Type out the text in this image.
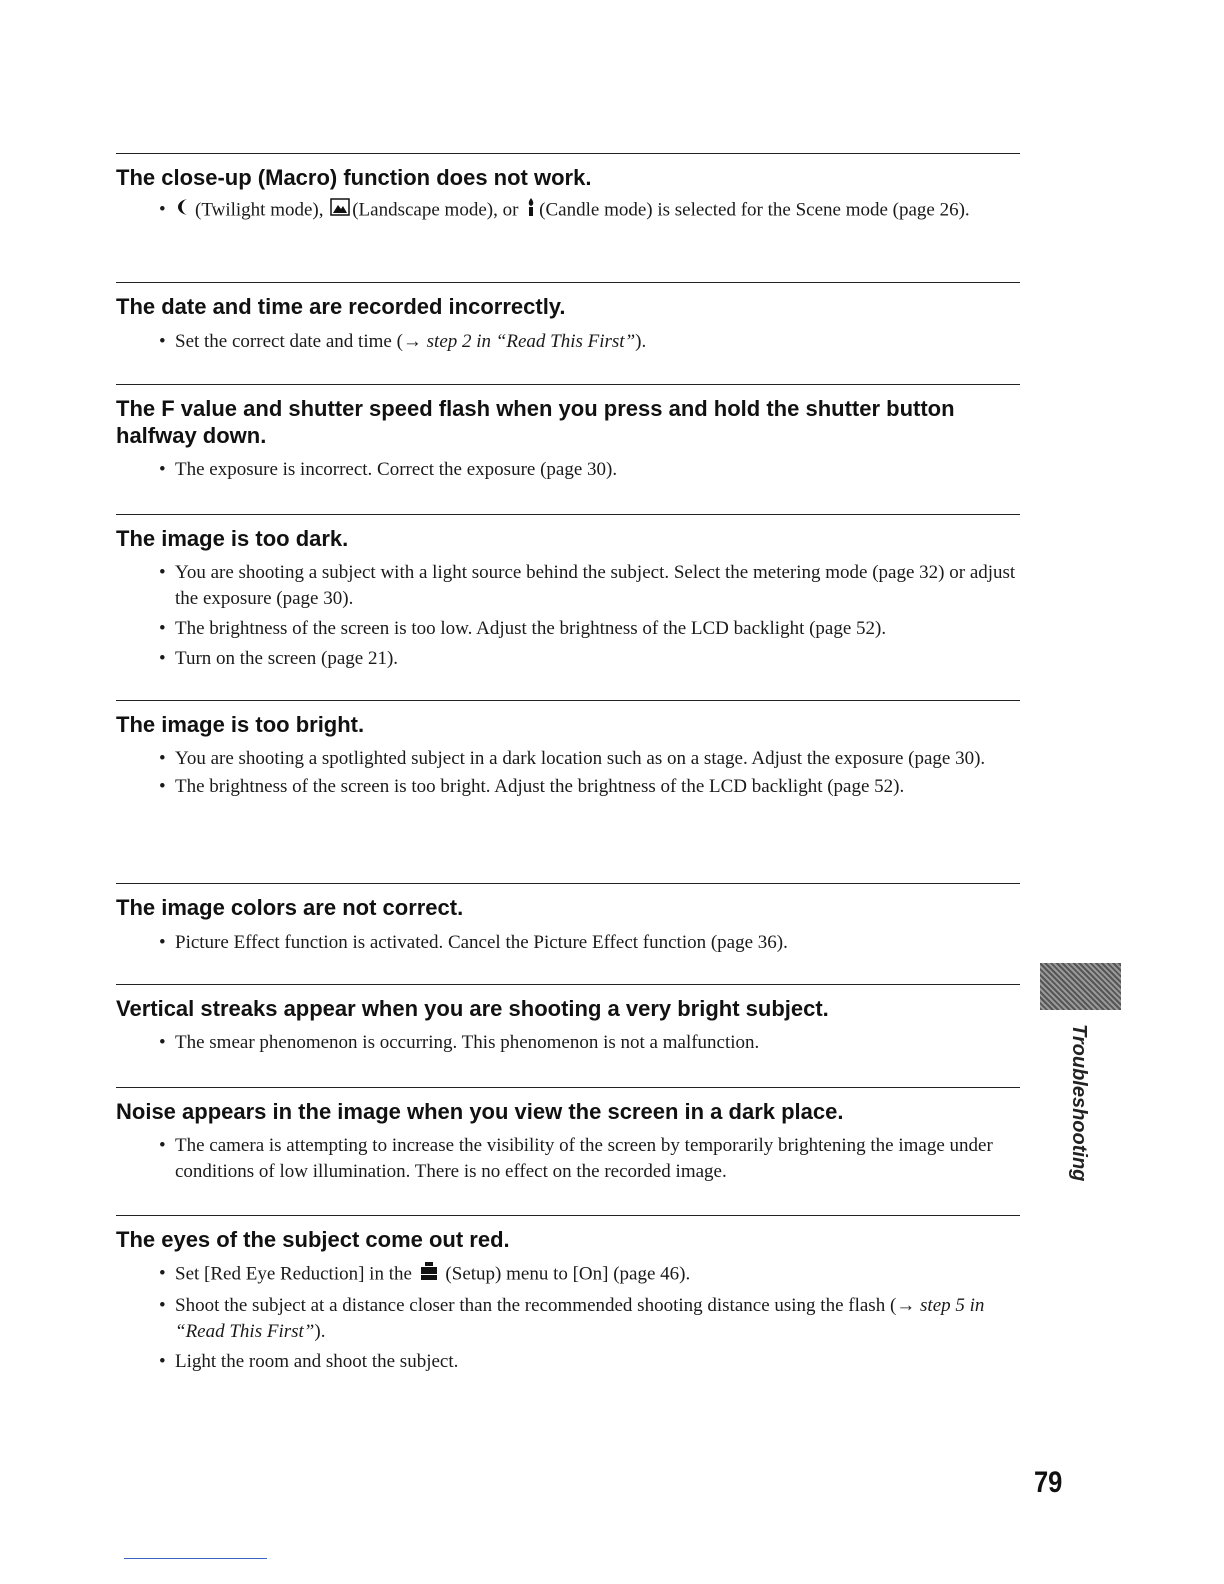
The close-up (Macro) function does not work.
• (Twilight mode), (Landscape mode), or (Candle mode) is selected for the Scene mode (page 26).
The date and time are recorded incorrectly.
• Set the correct date and time (→ step 2 in “Read This First”).
The F value and shutter speed flash when you press and hold the shutter button halfway down.
• The exposure is incorrect. Correct the exposure (page 30).
The image is too dark.
• You are shooting a subject with a light source behind the subject. Select the metering mode (page 32) or adjust the exposure (page 30).
• The brightness of the screen is too low. Adjust the brightness of the LCD backlight (page 52).
• Turn on the screen (page 21).
The image is too bright.
• You are shooting a spotlighted subject in a dark location such as on a stage. Adjust the exposure (page 30).
• The brightness of the screen is too bright. Adjust the brightness of the LCD backlight (page 52).
The image colors are not correct.
• Picture Effect function is activated. Cancel the Picture Effect function (page 36).
Vertical streaks appear when you are shooting a very bright subject.
• The smear phenomenon is occurring. This phenomenon is not a malfunction.
Noise appears in the image when you view the screen in a dark place.
• The camera is attempting to increase the visibility of the screen by temporarily brightening the image under conditions of low illumination. There is no effect on the recorded image.
The eyes of the subject come out red.
• Set [Red Eye Reduction] in the  (Setup) menu to [On] (page 46).
• Shoot the subject at a distance closer than the recommended shooting distance using the flash (→ step 5 in “Read This First”).
• Light the room and shoot the subject.
Troubleshooting
79
